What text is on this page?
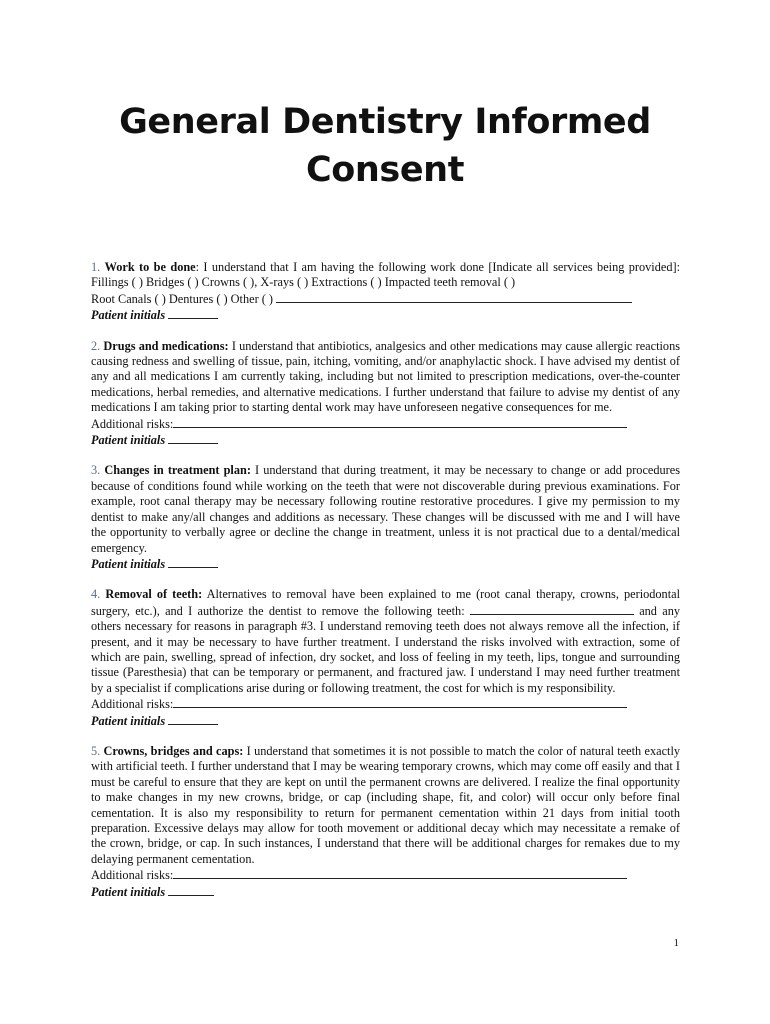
General Dentistry Informed Consent

1. Work to be done: I understand that I am having the following work done [Indicate all services being provided]: Fillings ( ) Bridges ( ) Crowns ( ), X-rays ( ) Extractions ( ) Impacted teeth removal ( )

Root Canals ( ) Dentures ( ) Other ( )

Patient initials

2. Drugs and medications: I understand that antibiotics, analgesics and other medications may cause allergic reactions causing redness and swelling of tissue, pain, itching, vomiting, and/or anaphylactic shock. I have advised my dentist of any and all medications I am currently taking, including but not limited to prescription medications, over-the-counter medications, herbal remedies, and alternative medications. I further understand that failure to advise my dentist of any medications I am taking prior to starting dental work may have unforeseen negative consequences for me.

Additional risks:

Patient initials

3. Changes in treatment plan: I understand that during treatment, it may be necessary to change or add procedures because of conditions found while working on the teeth that were not discoverable during previous examinations. For example, root canal therapy may be necessary following routine restorative procedures. I give my permission to my dentist to make any/all changes and additions as necessary. These changes will be discussed with me and I will have the opportunity to verbally agree or decline the change in treatment, unless it is not practical due to a dental/medical emergency.

Patient initials

4. Removal of teeth: Alternatives to removal have been explained to me (root canal therapy, crowns, periodontal surgery, etc.), and I authorize the dentist to remove the following teeth:	and any others necessary for reasons in paragraph #3. I understand removing teeth does not always remove all the infection, if present, and it may be necessary to have further treatment. I understand the risks involved with extraction, some of which are pain, swelling, spread of infection, dry socket, and loss of feeling in my teeth, lips, tongue and surrounding tissue (Paresthesia) that can be temporary or permanent, and fractured jaw. I understand I may need further treatment by a specialist if complications arise during or following treatment, the cost for which is my responsibility.

Additional risks:

Patient initials

5. Crowns, bridges and caps: I understand that sometimes it is not possible to match the color of natural teeth exactly with artificial teeth. I further understand that I may be wearing temporary crowns, which may come off easily and that I must be careful to ensure that they are kept on until the permanent crowns are delivered. I realize the final opportunity to make changes in my new crowns, bridge, or cap (including shape, fit, and color) will occur only before final cementation. It is also my responsibility to return for permanent cementation within 21 days from initial tooth preparation. Excessive delays may allow for tooth movement or additional decay which may necessitate a remake of the crown, bridge, or cap. In such instances, I understand that there will be additional charges for remakes due to my delaying permanent cementation.

Additional risks:

Patient initials

1
